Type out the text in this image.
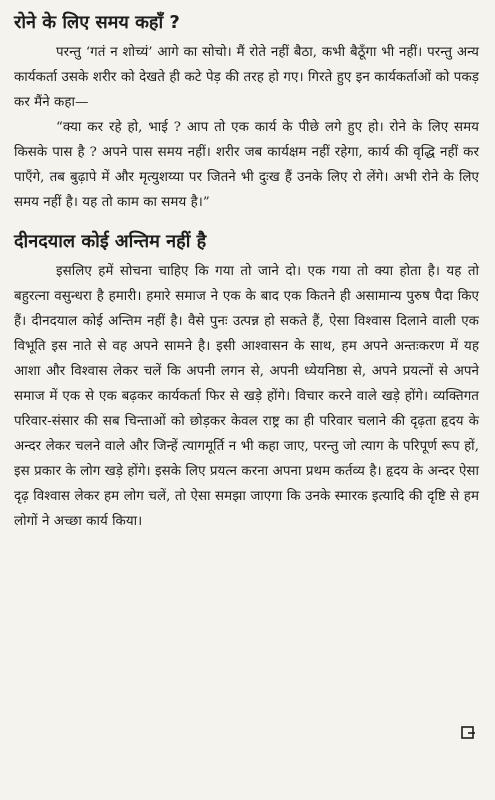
रोने के लिए समय कहाँ ?

परन्तु ‘गतं न शोच्यं’ आगे का सोचो। मैं रोते नहीं बैठा, कभी बैठूँगा भी नहीं। परन्तु अन्य कार्यकर्ता उसके शरीर को देखते ही कटे पेड़ की तरह हो गए। गिरते हुए इन कार्यकर्ताओं को पकड़ कर मैंने कहा—

“क्या कर रहे हो, भाई ? आप तो एक कार्य के पीछे लगे हुए हो। रोने के लिए समय किसके पास है ? अपने पास समय नहीं। शरीर जब कार्यक्षम नहीं रहेगा, कार्य की वृद्धि नहीं कर पाएँगे, तब बुढ़ापे में और मृत्युशय्या पर जितने भी दुःख हैं उनके लिए रो लेंगे। अभी रोने के लिए समय नहीं है। यह तो काम का समय है।”

दीनदयाल कोई अन्तिम नहीं है

इसलिए हमें सोचना चाहिए कि गया तो जाने दो। एक गया तो क्या होता है। यह तो बहुरत्ना वसुन्धरा है हमारी। हमारे समाज ने एक के बाद एक कितने ही असामान्य पुरुष पैदा किए हैं। दीनदयाल कोई अन्तिम नहीं है। वैसे पुनः उत्पन्न हो सकते हैं, ऐसा विश्वास दिलाने वाली एक विभूति इस नाते से वह अपने सामने है। इसी आश्वासन के साथ, हम अपने अन्तःकरण में यह आशा और विश्वास लेकर चलें कि अपनी लगन से, अपनी ध्येयनिष्ठा से, अपने प्रयत्नों से अपने समाज में एक से एक बढ़कर कार्यकर्ता फिर से खड़े होंगे। विचार करने वाले खड़े होंगे। व्यक्तिगत परिवार-संसार की सब चिन्ताओं को छोड़कर केवल राष्ट्र का ही परिवार चलाने की दृढ़ता हृदय के अन्दर लेकर चलने वाले और जिन्हें त्यागमूर्ति न भी कहा जाए, परन्तु जो त्याग के परिपूर्ण रूप हों, इस प्रकार के लोग खड़े होंगे। इसके लिए प्रयत्न करना अपना प्रथम कर्तव्य है। हृदय के अन्दर ऐसा दृढ़ विश्वास लेकर हम लोग चलें, तो ऐसा समझा जाएगा कि उनके स्मारक इत्यादि की दृष्टि से हम लोगों ने अच्छा कार्य किया।
